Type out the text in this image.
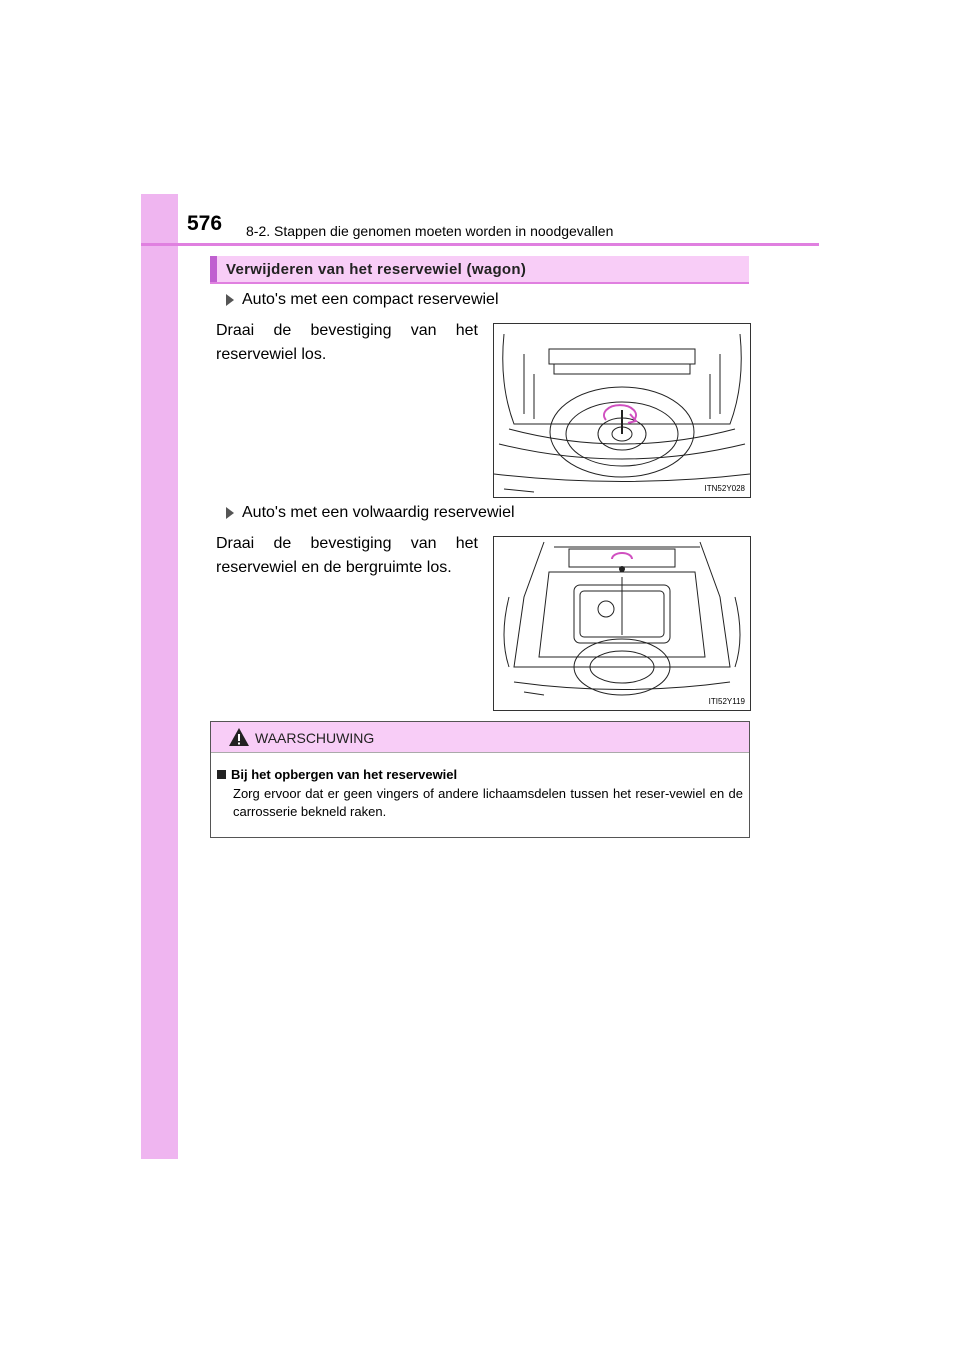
576 8-2. Stappen die genomen moeten worden in noodgevallen
Verwijderen van het reservewiel (wagon)
Auto's met een compact reservewiel
Draai de bevestiging van het reservewiel los.
ITN52Y028
Auto's met een volwaardig reservewiel
Draai de bevestiging van het reservewiel en de bergruimte los.
ITI52Y119
WAARSCHUWING
Bij het opbergen van het reservewiel
Zorg ervoor dat er geen vingers of andere lichaamsdelen tussen het reser-vewiel en de carrosserie bekneld raken.
